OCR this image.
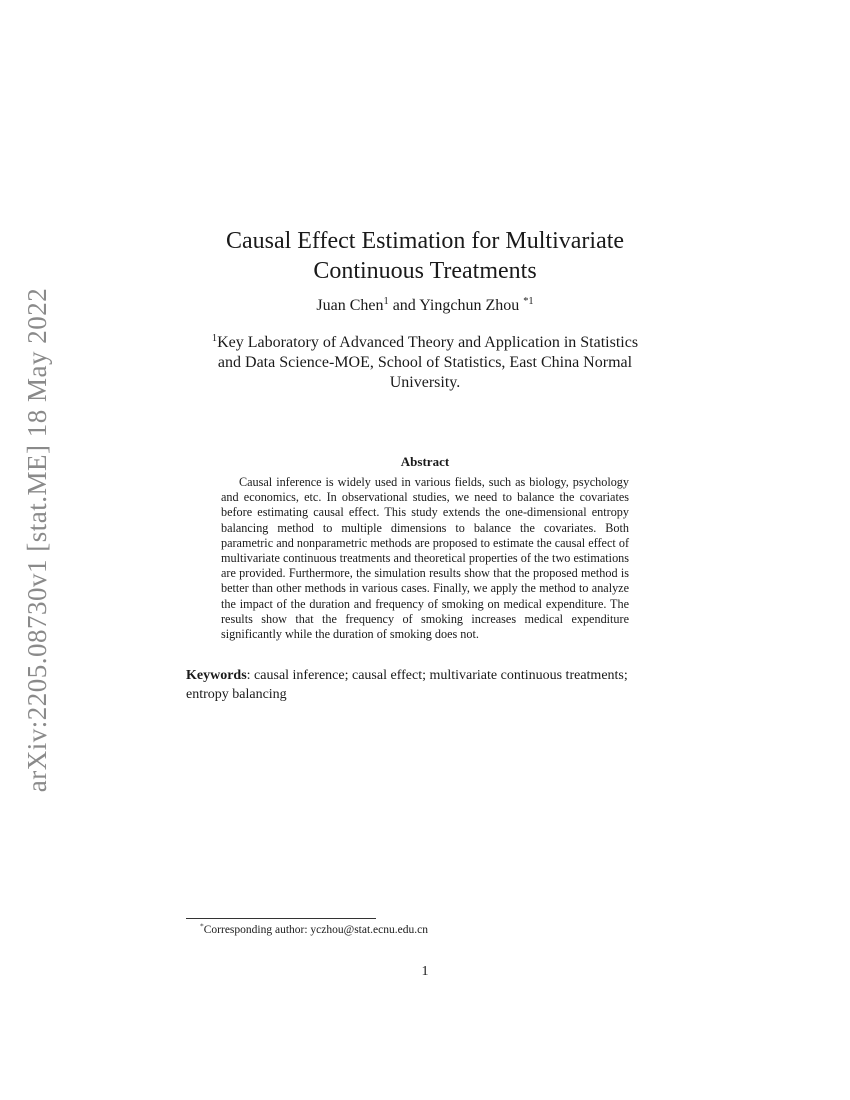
arXiv:2205.08730v1 [stat.ME] 18 May 2022
Causal Effect Estimation for Multivariate
Continuous Treatments
Juan Chen$^1$ and Yingchun Zhou $^{*1}$
$^1$Key Laboratory of Advanced Theory and Application in Statistics
and Data Science-MOE, School of Statistics, East China Normal
University.
Abstract
Causal inference is widely used in various fields, such as biology, psychology and economics, etc. In observational studies, we need to balance the covariates before estimating causal effect. This study extends the one-dimensional entropy balancing method to multiple dimensions to balance the covariates. Both parametric and nonparametric methods are proposed to estimate the causal effect of multivariate continuous treatments and theoretical properties of the two estimations are provided. Furthermore, the simulation results show that the proposed method is better than other methods in various cases. Finally, we apply the method to analyze the impact of the duration and frequency of smoking on medical expenditure. The results show that the frequency of smoking increases medical expenditure significantly while the duration of smoking does not.
Keywords: causal inference; causal effect; multivariate continuous treatments; entropy balancing
*Corresponding author: yczhou@stat.ecnu.edu.cn
1
